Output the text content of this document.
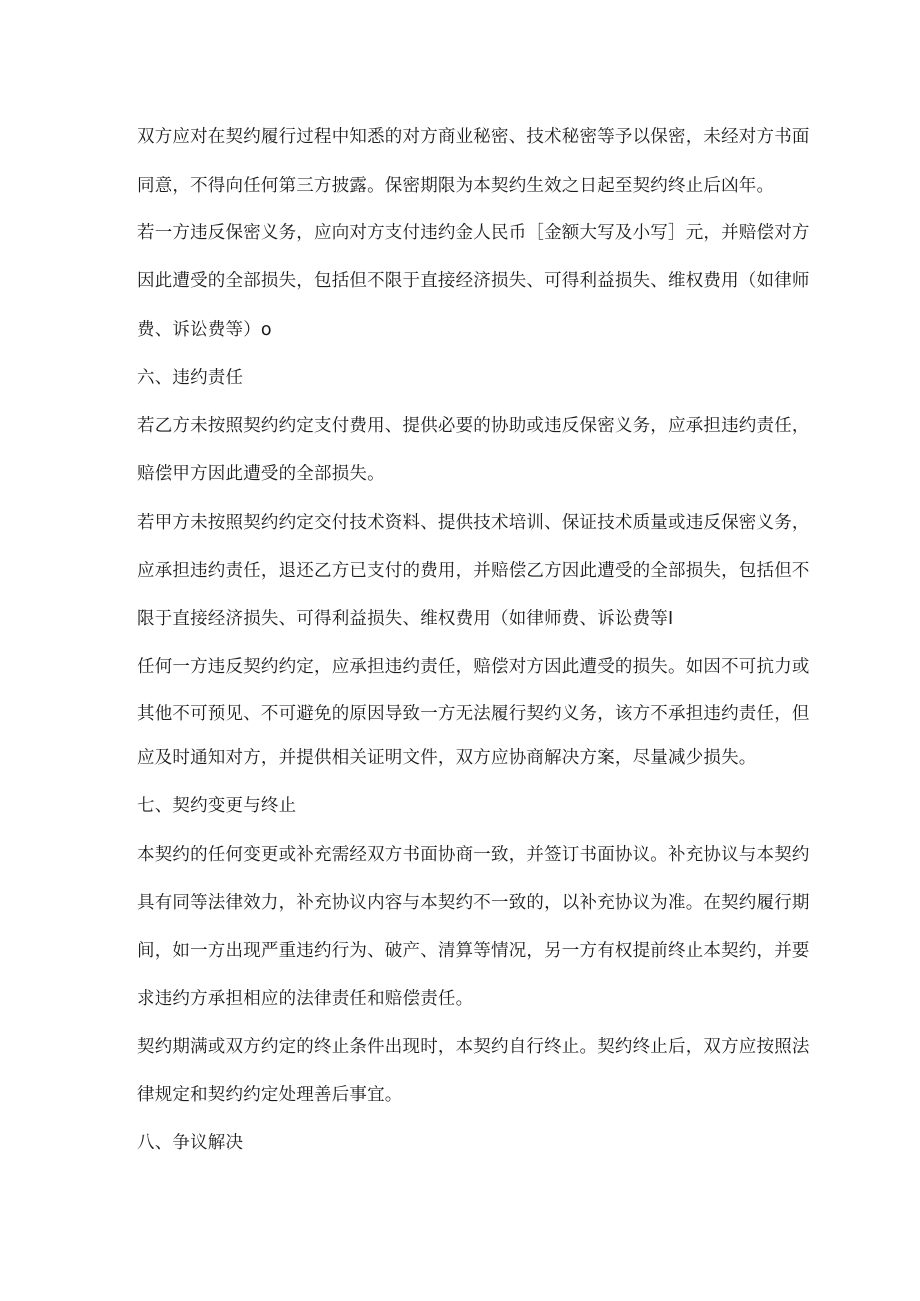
双方应对在契约履行过程中知悉的对方商业秘密、技术秘密等予以保密，未经对方书面
同意，不得向任何第三方披露。保密期限为本契约生效之日起至契约终止后凶年。
若一方违反保密义务，应向对方支付违约金人民币［金额大写及小写］元，并赔偿对方
因此遭受的全部损失，包括但不限于直接经济损失、可得利益损失、维权费用（如律师
费、诉讼费等）o
六、违约责任
若乙方未按照契约约定支付费用、提供必要的协助或违反保密义务，应承担违约责任，
赔偿甲方因此遭受的全部损失。
若甲方未按照契约约定交付技术资料、提供技术培训、保证技术质量或违反保密义务，
应承担违约责任，退还乙方已支付的费用，并赔偿乙方因此遭受的全部损失，包括但不
限于直接经济损失、可得利益损失、维权费用（如律师费、诉讼费等I
任何一方违反契约约定，应承担违约责任，赔偿对方因此遭受的损失。如因不可抗力或
其他不可预见、不可避免的原因导致一方无法履行契约义务，该方不承担违约责任，但
应及时通知对方，并提供相关证明文件，双方应协商解决方案，尽量减少损失。
七、契约变更与终止
本契约的任何变更或补充需经双方书面协商一致，并签订书面协议。补充协议与本契约
具有同等法律效力，补充协议内容与本契约不一致的，以补充协议为准。在契约履行期
间，如一方出现严重违约行为、破产、清算等情况，另一方有权提前终止本契约，并要
求违约方承担相应的法律责任和赔偿责任。
契约期满或双方约定的终止条件出现时，本契约自行终止。契约终止后，双方应按照法
律规定和契约约定处理善后事宜。
八、争议解决
